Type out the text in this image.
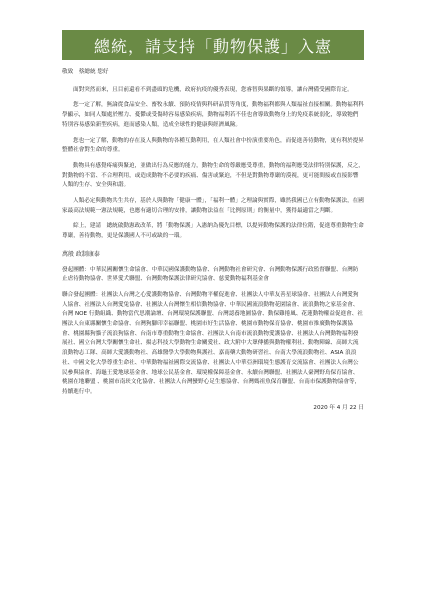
總統，請支持「動物保護」入憲

敬致　蔡總統 您好

面對突然而來，且目前還看不到盡頭的危機，政府抗疫的優秀表現，您睿智與果斷的領導，讓台灣備受國際肯定。

您一定了解，無論從食品安全、畜牧永續、預防疫情與科研品質等角度，動物福利都與人類福祉直接相關。動物福利科學顯示，如同人類處於壓力、憂鬱或受傷時容易感染疾病，動物福利若不佳也會導致動物身上的免疫系統弱化，導致牠們特別容易感染新型疾病，進而感染人類，造成全球性的健康與經濟風險。

您也一定了解，動物的存在及人與動物的各種互動利用，在人類社會中扮演重要角色，而促進善待動物，更有利於提昇整體社會對生命的尊重。

動物具有感覺疼痛與緊迫，並做出行為反應的能力，動物生命的尊嚴應受尊重，動物的福利應受法律特別保護，反之，對動物的不當、不合理利用，或造成動物不必要的疾痛、傷害或緊迫，不但是對動物尊嚴的漠視，更可能間接或直接影響人類的生存、安全與和諧。

人類必定與動物共生共存，基於人與動物「健康一體」，「福利一體」之理論與實際，雖然我國已立有動物保護法，在國家最高法規範一憲法規範，也應有適切合理的安排，讓動物法益在「比例原則」的衡量中，獲得最適當之判斷。

綜上，建請　總統啟動憲政改革，將「動物保護」入憲納為優先目標，以提昇動物保護的法律位階，促進尊重動物生命尊嚴，善待動物，更是保護國人不可或缺的一環。

萬般 政制康泰

發起團體：中華民國關懷生命協會、中華民國保護動物協會、台灣動物社會研究會、台灣動物保護行政監督聯盟、台灣防止虐待動物協會、世界愛犬聯盟、台灣動物保護法律研究協會、慈愛動物福利基金會

聯合發起團體：社團法人台灣之心愛護動物協會、台灣動物平權促進會、社團法人中華友善星球協會、社團法人台灣愛狗人協會、社團法人台灣愛兔協會、社團法人台灣懷生相信動物協會、中華民國流浪動物花園協會、流浪動物之家基金會、台灣 NOE 行動組織、動物當代思潮論壇、台灣環境保護聯盟、台灣認養地圖協會、動保雞捲風、花蓮動物權益促進會、社團法人台東縣關懷生命協會、台灣狗腳印幸福聯盟、桃園市好生活協會、桃園市動物保育協會、桃園市推廣動物保護協會、桃園縣狗貓子流浪狗協會、台南市尊重動物生命協會、社團法人台南市流浪動物愛護協會、社團法人台灣動物福利發展社、國立台灣大學關懷生命社、揚志科技大學動物生命關愛社、政大附中大眾傳播與動物權利社、動物陣線、高師大流浪動物志工隊、高師大愛護動物社、高雄醫學大學動物與護社、嘉南藥大動物研習社、台南大學流浪動物社、ASIA 浪浪社、中國文化大學尊重生命社、中華動物福祉國際交流協會、社團法人中華亞洲環境生態護育交流協會、社團法人台灣公民參與協會、海龜王愛地球基金會、地球公民基金會、環境權保障基金會、永續台灣聯盟、社團法人臺灣野鳥保育協會、桃園在地聯盟 、桃園市南崁文化協會、社團法人台灣蠻野心足生態協會、台灣媽祖魚保育聯盟、台南市保護動物協會等，持續進行中。

2020 年 4 月 22 日
